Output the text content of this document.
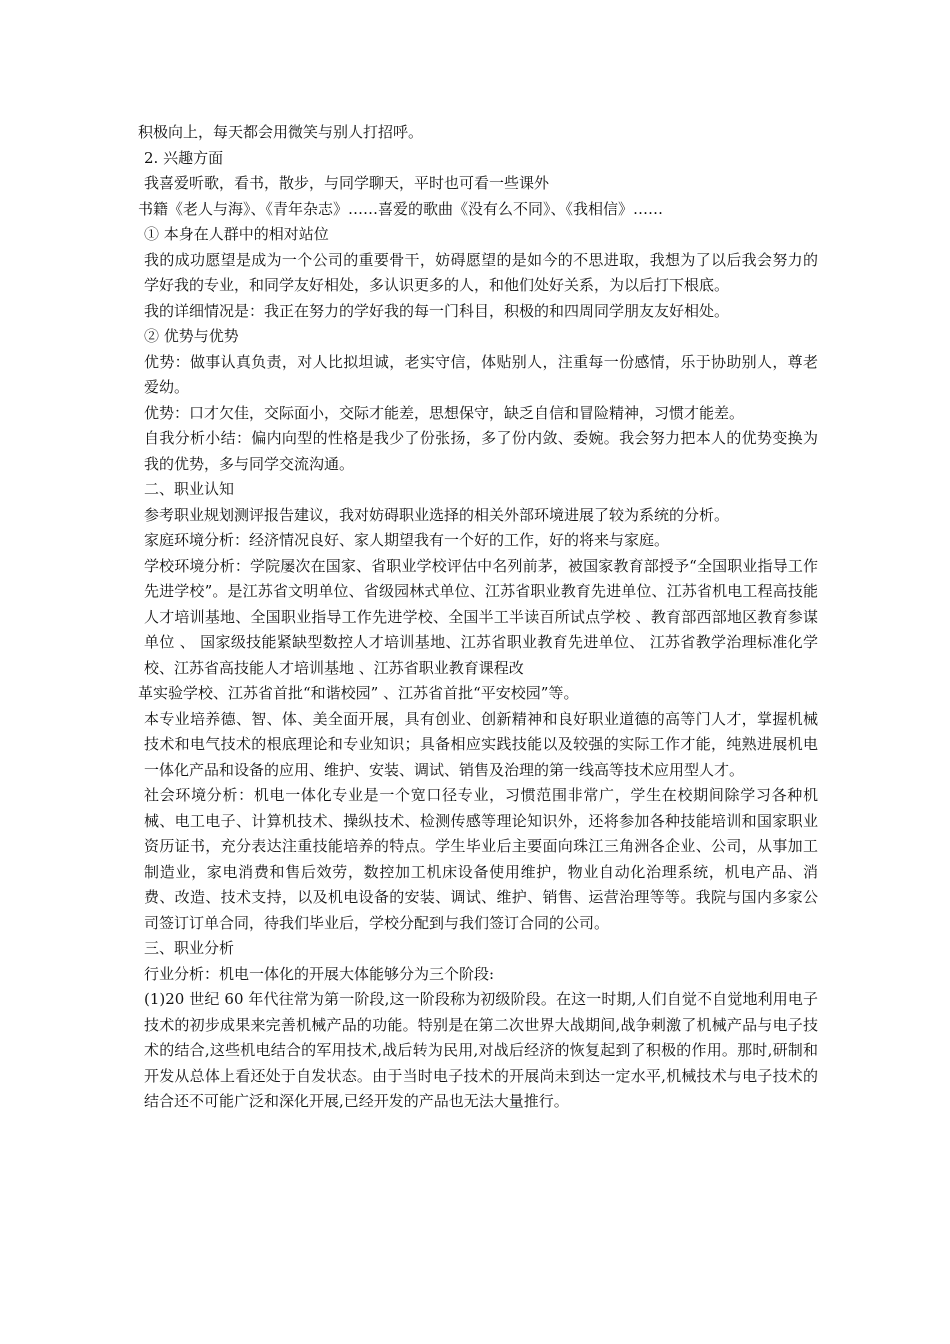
积极向上，每天都会用微笑与别人打招呼。

2. 兴趣方面

我喜爱听歌，看书，散步，与同学聊天，平时也可看一些课外

书籍《老人与海》、《青年杂志》……喜爱的歌曲《没有么不同》、《我相信》……

① 本身在人群中的相对站位

我的成功愿望是成为一个公司的重要骨干，妨碍愿望的是如今的不思进取，我想为了以后我会努力的学好我的专业，和同学友好相处，多认识更多的人，和他们处好关系，为以后打下根底。

我的详细情况是：我正在努力的学好我的每一门科目，积极的和四周同学朋友友好相处。

② 优势与优势

优势：做事认真负责，对人比拟坦诚，老实守信，体贴别人，注重每一份感情，乐于协助别人，尊老爱幼。

优势：口才欠佳，交际面小，交际才能差，思想保守，缺乏自信和冒险精神，习惯才能差。

自我分析小结：偏内向型的性格是我少了份张扬，多了份内敛、委婉。我会努力把本人的优势变换为我的优势，多与同学交流沟通。

二、职业认知

参考职业规划测评报告建议，我对妨碍职业选择的相关外部环境进展了较为系统的分析。

家庭环境分析：经济情况良好、家人期望我有一个好的工作，好的将来与家庭。

学校环境分析：学院屡次在国家、省职业学校评估中名列前茅，被国家教育部授予“全国职业指导工作先进学校”。是江苏省文明单位、省级园林式单位、江苏省职业教育先进单位、江苏省机电工程高技能人才培训基地、全国职业指导工作先进学校、全国半工半读百所试点学校 、教育部西部地区教育参谋单位 、 国家级技能紧缺型数控人才培训基地、江苏省职业教育先进单位、 江苏省教学治理标准化学校、江苏省高技能人才培训基地 、江苏省职业教育课程改

革实验学校、江苏省首批“和谐校园” 、江苏省首批“平安校园”等。

本专业培养德、智、体、美全面开展，具有创业、创新精神和良好职业道德的高等门人才，掌握机械技术和电气技术的根底理论和专业知识；具备相应实践技能以及较强的实际工作才能，纯熟进展机电一体化产品和设备的应用、维护、安装、调试、销售及治理的第一线高等技术应用型人才。

社会环境分析：机电一体化专业是一个宽口径专业，习惯范围非常广，学生在校期间除学习各种机械、电工电子、计算机技术、操纵技术、检测传感等理论知识外，还将参加各种技能培训和国家职业资历证书，充分表达注重技能培养的特点。学生毕业后主要面向珠江三角洲各企业、公司，从事加工制造业，家电消费和售后效劳，数控加工机床设备使用维护，物业自动化治理系统，机电产品、消费、改造、技术支持，以及机电设备的安装、调试、维护、销售、运营治理等等。我院与国内多家公司签订订单合同，待我们毕业后，学校分配到与我们签订合同的公司。

三、职业分析

行业分析：机电一体化的开展大体能够分为三个阶段:

(1)20 世纪 60 年代往常为第一阶段,这一阶段称为初级阶段。在这一时期,人们自觉不自觉地利用电子技术的初步成果来完善机械产品的功能。特别是在第二次世界大战期间,战争刺激了机械产品与电子技术的结合,这些机电结合的军用技术,战后转为民用,对战后经济的恢复起到了积极的作用。那时,研制和开发从总体上看还处于自发状态。由于当时电子技术的开展尚未到达一定水平,机械技术与电子技术的结合还不可能广泛和深化开展,已经开发的产品也无法大量推行。
